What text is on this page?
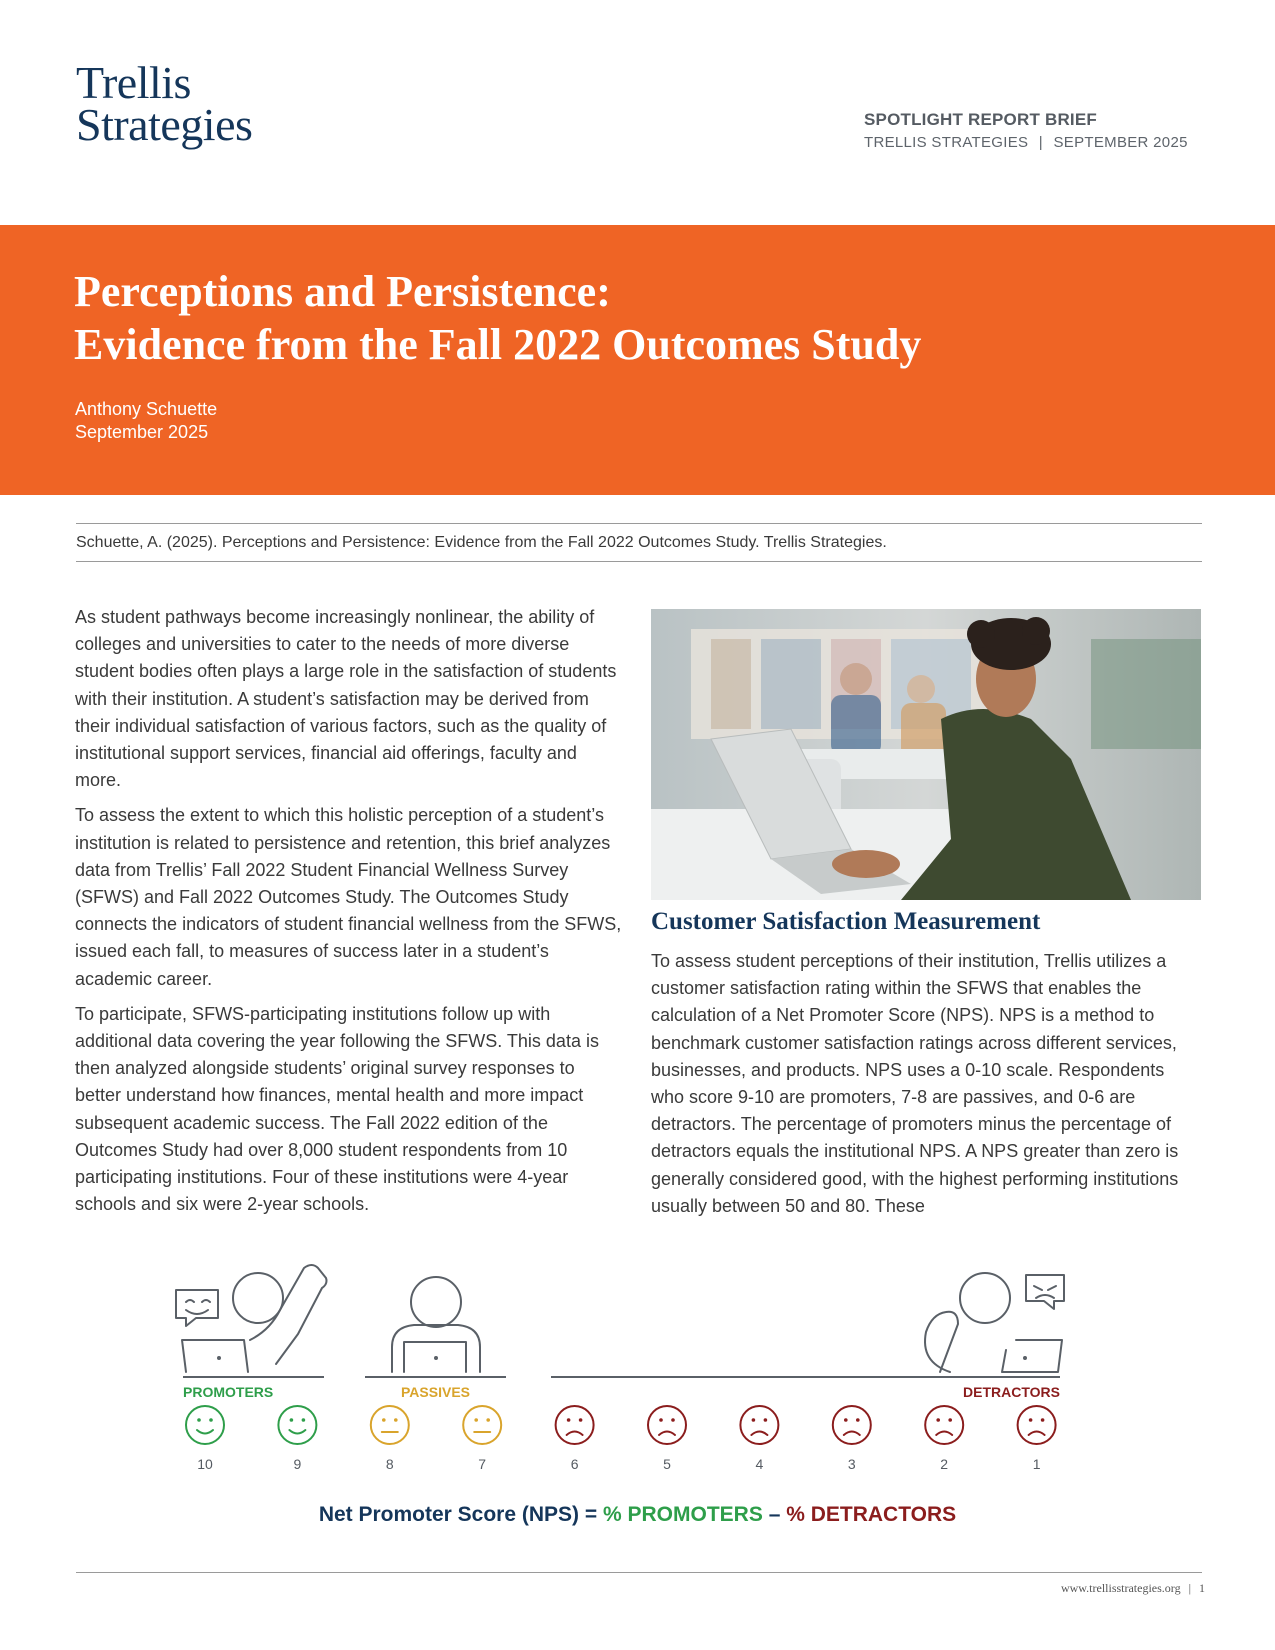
Trellis
Strategies	SPOTLIGHT REPORT BRIEF
TRELLIS STRATEGIES | SEPTEMBER 2025
Perceptions and Persistence:
Evidence from the Fall 2022 Outcomes Study
Anthony Schuette
September 2025
Schuette, A. (2025). Perceptions and Persistence: Evidence from the Fall 2022 Outcomes Study. Trellis Strategies.

As student pathways become increasingly nonlinear, the ability of colleges and universities to cater to the needs of more diverse student bodies often plays a large role in the satisfaction of students with their institution. A student’s satisfaction may be derived from their individual satisfaction of various factors, such as the quality of institutional support services, financial aid offerings, faculty and more.

To assess the extent to which this holistic perception of a student’s institution is related to persistence and retention, this brief analyzes data from Trellis’ Fall 2022 Student Financial Wellness Survey (SFWS) and Fall 2022 Outcomes Study. The Outcomes Study connects the indicators of student financial wellness from the SFWS, issued each fall, to measures of success later in a student’s academic career.

To participate, SFWS-participating institutions follow up with additional data covering the year following the SFWS. This data is then analyzed alongside students’ original survey responses to better understand how finances, mental health and more impact subsequent academic success. The Fall 2022 edition of the Outcomes Study had over 8,000 student respondents from 10 participating institutions. Four of these institutions were 4-year schools and six were 2-year schools.

Customer Satisfaction Measurement

To assess student perceptions of their institution, Trellis utilizes a customer satisfaction rating within the SFWS that enables the calculation of a Net Promoter Score (NPS). NPS is a method to benchmark customer satisfaction ratings across different services, businesses, and products. NPS uses a 0-10 scale. Respondents who score 9-10 are promoters, 7-8 are passives, and 0-6 are detractors. The percentage of promoters minus the percentage of detractors equals the institutional NPS. A NPS greater than zero is generally considered good, with the highest performing institutions usually between 50 and 80. These

PROMOTERS	PASSIVES	DETRACTORS
10	9	8	7	6	5	4	3	2	1
Net Promoter Score (NPS) = % PROMOTERS – % DETRACTORS
www.trellisstrategies.org | 1
